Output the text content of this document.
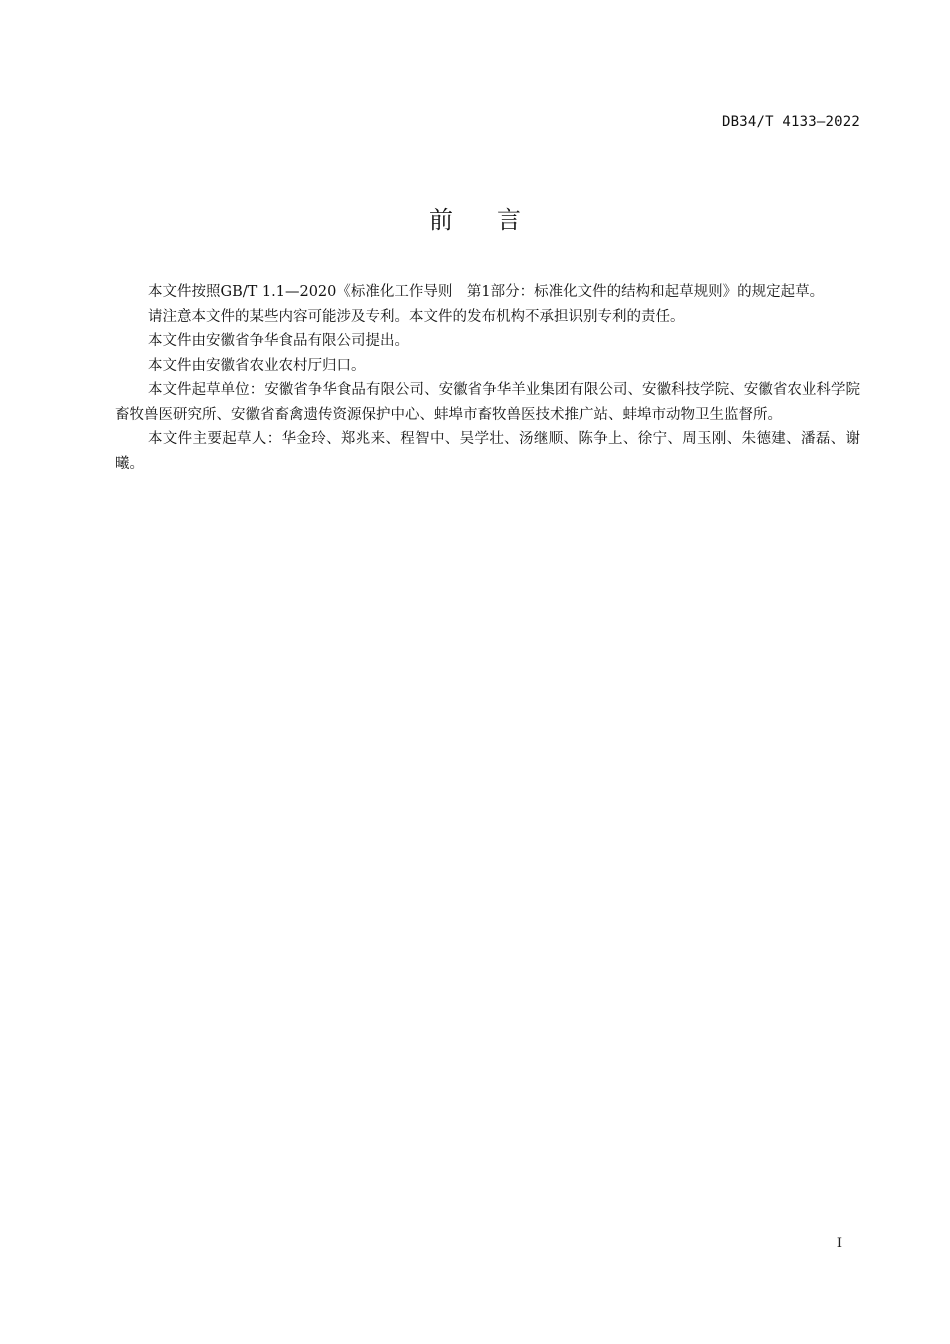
DB34/T 4133—2022
前言

本文件按照GB/T 1.1—2020《标准化工作导则　第1部分：标准化文件的结构和起草规则》的规定起草。

请注意本文件的某些内容可能涉及专利。本文件的发布机构不承担识别专利的责任。

本文件由安徽省争华食品有限公司提出。

本文件由安徽省农业农村厅归口。

本文件起草单位：安徽省争华食品有限公司、安徽省争华羊业集团有限公司、安徽科技学院、安徽省农业科学院畜牧兽医研究所、安徽省畜禽遗传资源保护中心、蚌埠市畜牧兽医技术推广站、蚌埠市动物卫生监督所。

本文件主要起草人：华金玲、郑兆来、程智中、吴学壮、汤继顺、陈争上、徐宁、周玉刚、朱德建、潘磊、谢曦。

I
